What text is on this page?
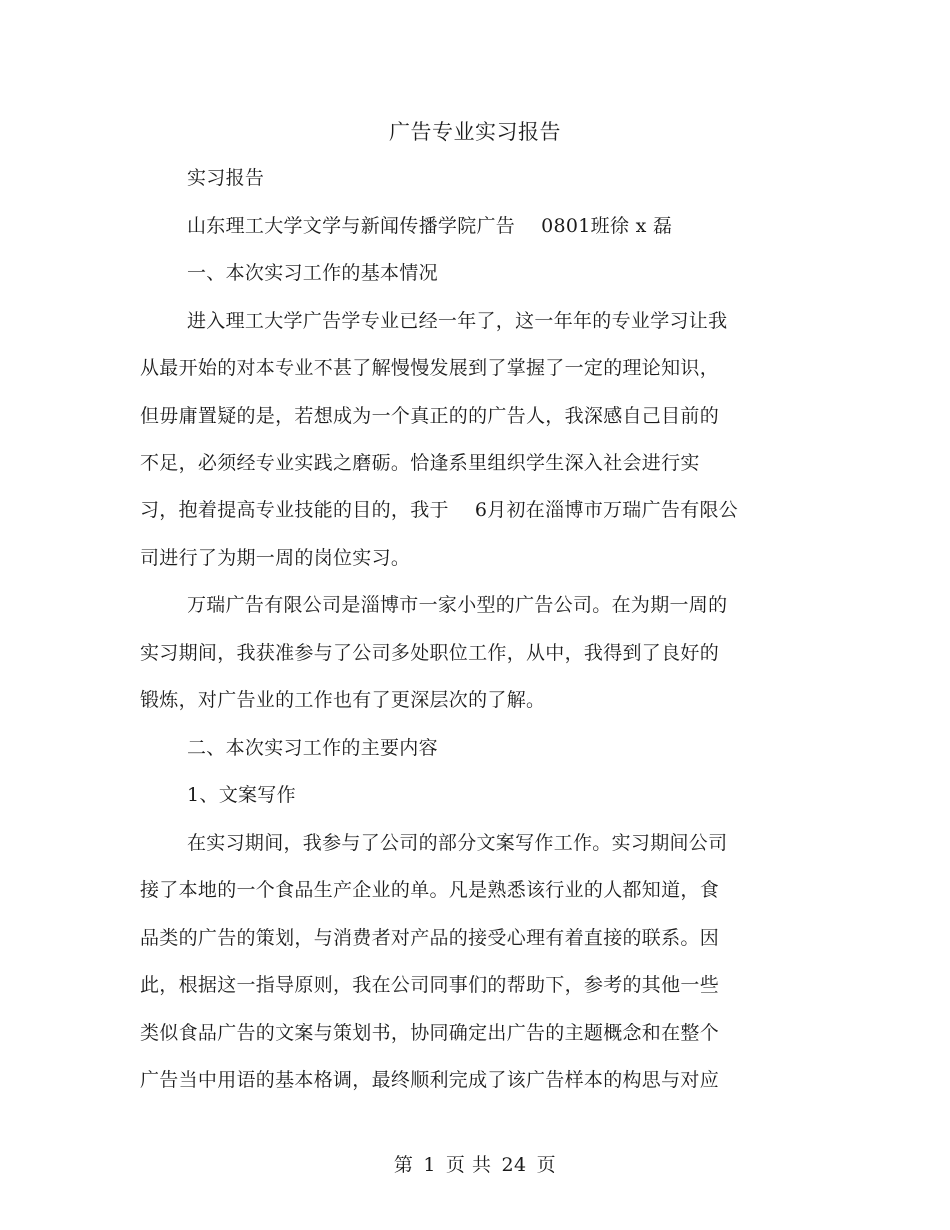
广告专业实习报告
实习报告
山东理工大学文学与新闻传播学院广告 0801班徐 x 磊
一、本次实习工作的基本情况
进入理工大学广告学专业已经一年了，这一年年的专业学习让我
从最开始的对本专业不甚了解慢慢发展到了掌握了一定的理论知识，
但毋庸置疑的是，若想成为一个真正的的广告人，我深感自己目前的
不足，必须经专业实践之磨砺。恰逢系里组织学生深入社会进行实
习，抱着提高专业技能的目的，我于 6月初在淄博市万瑞广告有限公
司进行了为期一周的岗位实习。
万瑞广告有限公司是淄博市一家小型的广告公司。在为期一周的
实习期间，我获准参与了公司多处职位工作，从中，我得到了良好的
锻炼，对广告业的工作也有了更深层次的了解。
二、本次实习工作的主要内容
1、文案写作
在实习期间，我参与了公司的部分文案写作工作。实习期间公司
接了本地的一个食品生产企业的单。凡是熟悉该行业的人都知道，食
品类的广告的策划，与消费者对产品的接受心理有着直接的联系。因
此，根据这一指导原则，我在公司同事们的帮助下，参考的其他一些
类似食品广告的文案与策划书，协同确定出广告的主题概念和在整个
广告当中用语的基本格调，最终顺利完成了该广告样本的构思与对应
第 1 页 共 24 页
